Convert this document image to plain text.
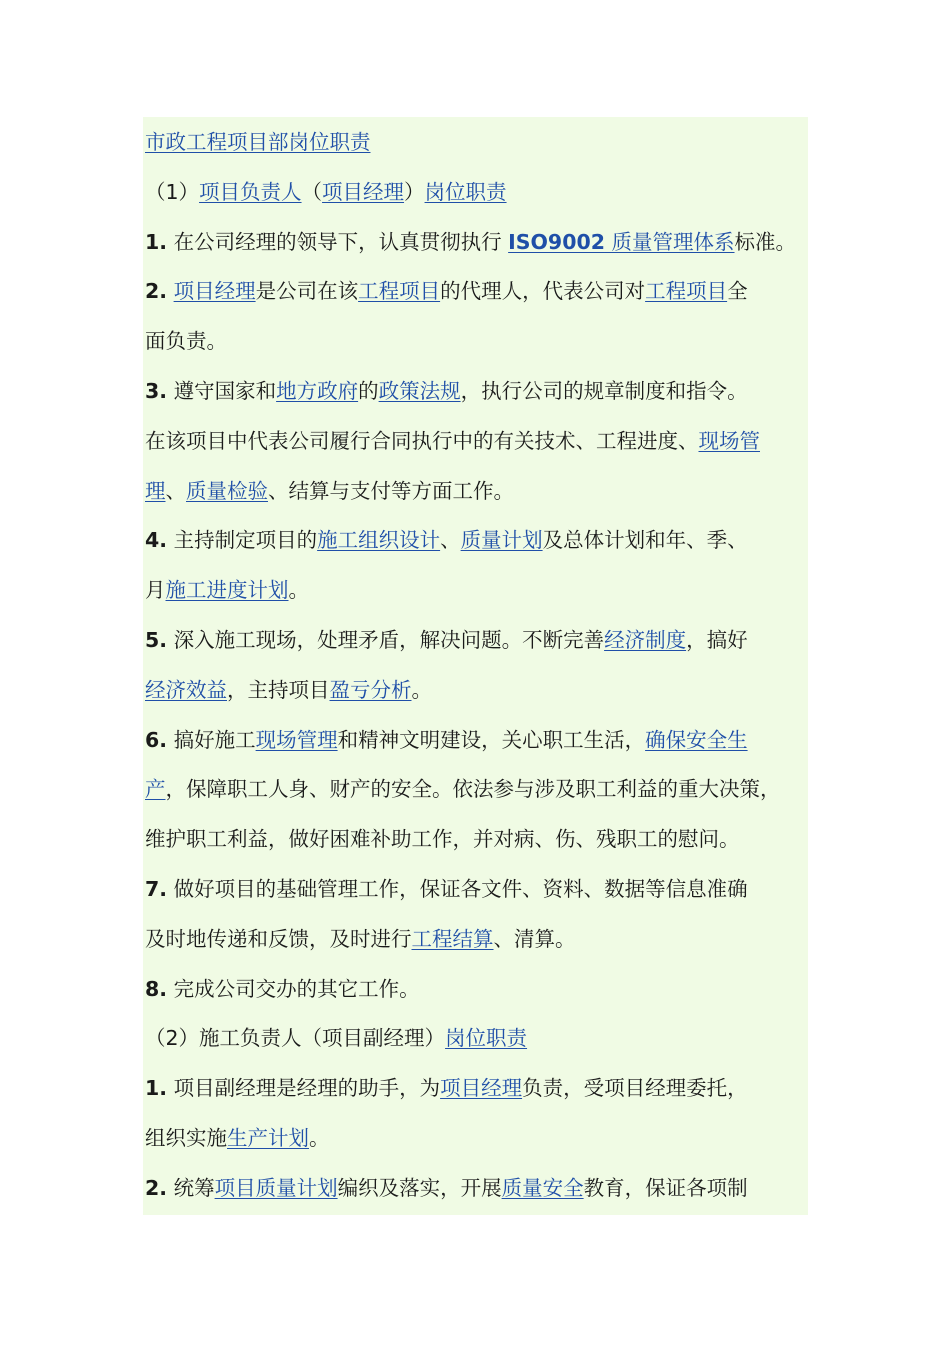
市政工程项目部岗位职责
（1）项目负责人（项目经理）岗位职责
1. 在公司经理的领导下，认真贯彻执行 ISO9002 质量管理体系标准。
2. 项目经理是公司在该工程项目的代理人，代表公司对工程项目全
面负责。
3. 遵守国家和地方政府的政策法规，执行公司的规章制度和指令。
在该项目中代表公司履行合同执行中的有关技术、工程进度、现场管
理、质量检验、结算与支付等方面工作。
4. 主持制定项目的施工组织设计、质量计划及总体计划和年、季、
月施工进度计划。
5. 深入施工现场，处理矛盾，解决问题。不断完善经济制度，搞好
经济效益，主持项目盈亏分析。
6. 搞好施工现场管理和精神文明建设，关心职工生活，确保安全生
产，保障职工人身、财产的安全。依法参与涉及职工利益的重大决策，
维护职工利益，做好困难补助工作，并对病、伤、残职工的慰问。
7. 做好项目的基础管理工作，保证各文件、资料、数据等信息准确
及时地传递和反馈，及时进行工程结算、清算。
8. 完成公司交办的其它工作。
（2）施工负责人（项目副经理）岗位职责
1. 项目副经理是经理的助手，为项目经理负责，受项目经理委托，
组织实施生产计划。
2. 统筹项目质量计划编织及落实，开展质量安全教育，保证各项制
